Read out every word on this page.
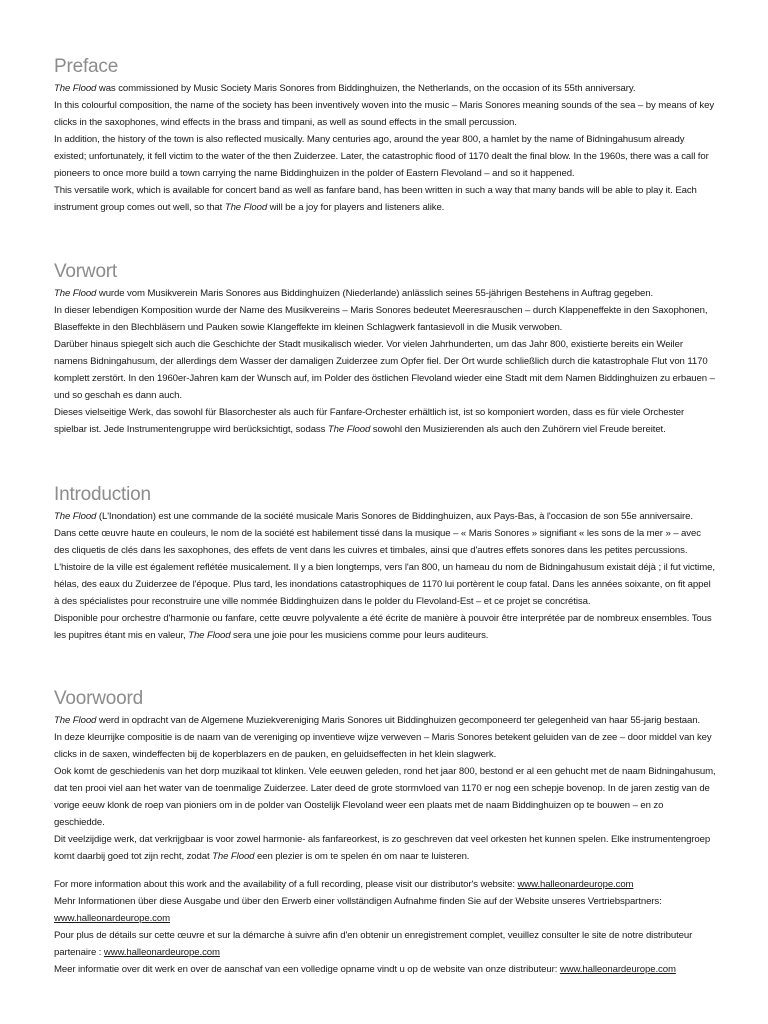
Preface

The Flood was commissioned by Music Society Maris Sonores from Biddinghuizen, the Netherlands, on the occasion of its 55th anniversary.

In this colourful composition, the name of the society has been inventively woven into the music – Maris Sonores meaning sounds of the sea – by means of key clicks in the saxophones, wind effects in the brass and timpani, as well as sound effects in the small percussion.

In addition, the history of the town is also reflected musically. Many centuries ago, around the year 800, a hamlet by the name of Bidningahusum already existed; unfortunately, it fell victim to the water of the then Zuiderzee. Later, the catastrophic flood of 1170 dealt the final blow. In the 1960s, there was a call for pioneers to once more build a town carrying the name Biddinghuizen in the polder of Eastern Flevoland – and so it happened.

This versatile work, which is available for concert band as well as fanfare band, has been written in such a way that many bands will be able to play it. Each instrument group comes out well, so that The Flood will be a joy for players and listeners alike.

Vorwort

The Flood wurde vom Musikverein Maris Sonores aus Biddinghuizen (Niederlande) anlässlich seines 55-jährigen Bestehens in Auftrag gegeben.

In dieser lebendigen Komposition wurde der Name des Musikvereins – Maris Sonores bedeutet Meeresrauschen – durch Klappeneffekte in den Saxophonen, Blaseffekte in den Blechbläsern und Pauken sowie Klangeffekte im kleinen Schlagwerk fantasievoll in die Musik verwoben.

Darüber hinaus spiegelt sich auch die Geschichte der Stadt musikalisch wieder. Vor vielen Jahrhunderten, um das Jahr 800, existierte bereits ein Weiler namens Bidningahusum, der allerdings dem Wasser der damaligen Zuiderzee zum Opfer fiel. Der Ort wurde schließlich durch die katastrophale Flut von 1170 komplett zerstört. In den 1960er-Jahren kam der Wunsch auf, im Polder des östlichen Flevoland wieder eine Stadt mit dem Namen Biddinghuizen zu erbauen – und so geschah es dann auch.

Dieses vielseitige Werk, das sowohl für Blasorchester als auch für Fanfare-Orchester erhältlich ist, ist so komponiert worden, dass es für viele Orchester spielbar ist. Jede Instrumentengruppe wird berücksichtigt, sodass The Flood sowohl den Musizierenden als auch den Zuhörern viel Freude bereitet.

Introduction

The Flood (L'Inondation) est une commande de la société musicale Maris Sonores de Biddinghuizen, aux Pays-Bas, à l'occasion de son 55e anniversaire.

Dans cette œuvre haute en couleurs, le nom de la société est habilement tissé dans la musique – « Maris Sonores » signifiant « les sons de la mer » – avec des cliquetis de clés dans les saxophones, des effets de vent dans les cuivres et timbales, ainsi que d'autres effets sonores dans les petites percussions.

L'histoire de la ville est également reflétée musicalement. Il y a bien longtemps, vers l'an 800, un hameau du nom de Bidningahusum existait déjà ; il fut victime, hélas, des eaux du Zuiderzee de l'époque. Plus tard, les inondations catastrophiques de 1170 lui portèrent le coup fatal. Dans les années soixante, on fit appel à des spécialistes pour reconstruire une ville nommée Biddinghuizen dans le polder du Flevoland-Est – et ce projet se concrétisa.

Disponible pour orchestre d'harmonie ou fanfare, cette œuvre polyvalente a été écrite de manière à pouvoir être interprétée par de nombreux ensembles. Tous les pupitres étant mis en valeur, The Flood sera une joie pour les musiciens comme pour leurs auditeurs.

Voorwoord

The Flood werd in opdracht van de Algemene Muziekvereniging Maris Sonores uit Biddinghuizen gecomponeerd ter gelegenheid van haar 55-jarig bestaan.

In deze kleurrijke compositie is de naam van de vereniging op inventieve wijze verweven – Maris Sonores betekent geluiden van de zee – door middel van key clicks in de saxen, windeffecten bij de koperblazers en de pauken, en geluidseffecten in het klein slagwerk.

Ook komt de geschiedenis van het dorp muzikaal tot klinken. Vele eeuwen geleden, rond het jaar 800, bestond er al een gehucht met de naam Bidningahusum, dat ten prooi viel aan het water van de toenmalige Zuiderzee. Later deed de grote stormvloed van 1170 er nog een schepje bovenop. In de jaren zestig van de vorige eeuw klonk de roep van pioniers om in de polder van Oostelijk Flevoland weer een plaats met de naam Biddinghuizen op te bouwen – en zo geschiedde.

Dit veelzijdige werk, dat verkrijgbaar is voor zowel harmonie- als fanfareorkest, is zo geschreven dat veel orkesten het kunnen spelen. Elke instrumentengroep komt daarbij goed tot zijn recht, zodat The Flood een plezier is om te spelen én om naar te luisteren.

For more information about this work and the availability of a full recording, please visit our distributor's website: www.halleonardeurope.com

Mehr Informationen über diese Ausgabe und über den Erwerb einer vollständigen Aufnahme finden Sie auf der Website unseres Vertriebspartners: www.halleonardeurope.com

Pour plus de détails sur cette œuvre et sur la démarche à suivre afin d'en obtenir un enregistrement complet, veuillez consulter le site de notre distributeur partenaire : www.halleonardeurope.com

Meer informatie over dit werk en over de aanschaf van een volledige opname vindt u op de website van onze distributeur: www.halleonardeurope.com
